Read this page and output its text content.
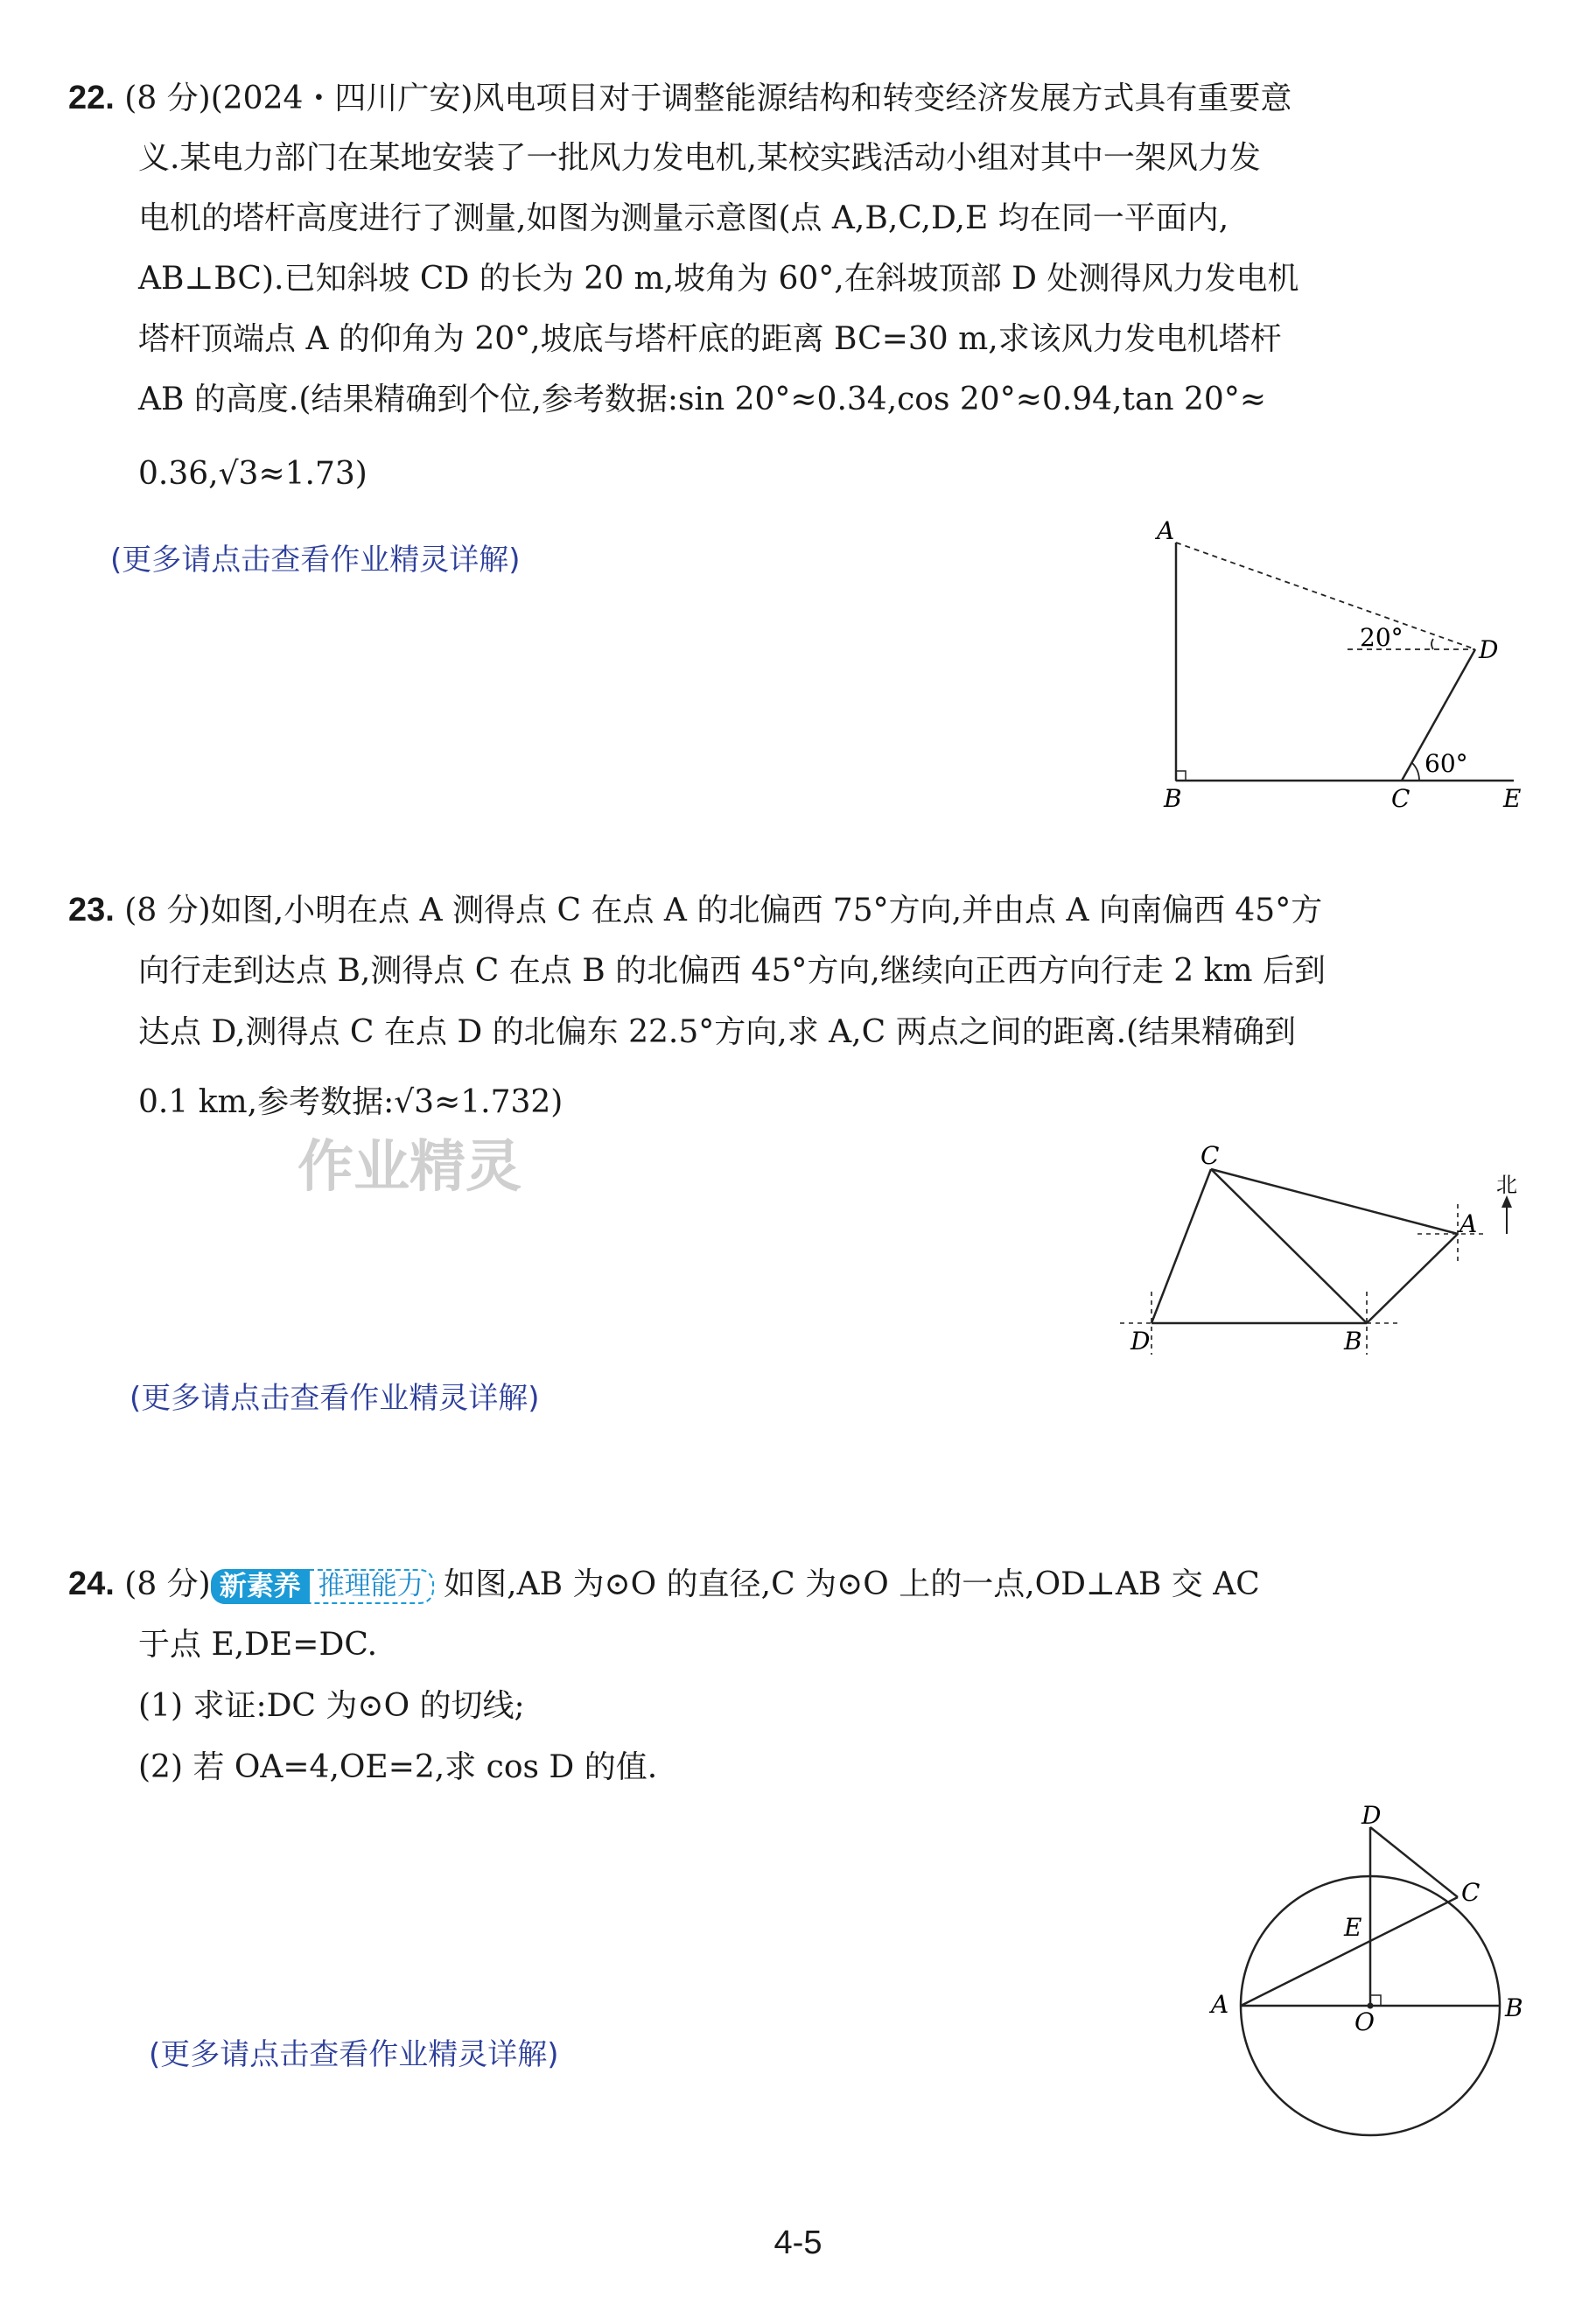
22. (8 分)(2024・四川广安)风电项目对于调整能源结构和转变经济发展方式具有重要意
义.某电力部门在某地安装了一批风力发电机,某校实践活动小组对其中一架风力发
电机的塔杆高度进行了测量,如图为测量示意图(点 A,B,C,D,E 均在同一平面内,
AB⊥BC).已知斜坡 CD 的长为 20 m,坡角为 60°,在斜坡顶部 D 处测得风力发电机
塔杆顶端点 A 的仰角为 20°,坡底与塔杆底的距离 BC=30 m,求该风力发电机塔杆
AB 的高度.(结果精确到个位,参考数据:sin 20°≈0.34,cos 20°≈0.94,tan 20°≈
0.36,√3≈1.73)
(更多请点击查看作业精灵详解)
A
B	C
D
E
20°
60°
23. (8 分)如图,小明在点 A 测得点 C 在点 A 的北偏西 75°方向,并由点 A 向南偏西 45°方
向行走到达点 B,测得点 C 在点 B 的北偏西 45°方向,继续向正西方向行走 2 km 后到
达点 D,测得点 C 在点 D 的北偏东 22.5°方向,求 A,C 两点之间的距离.(结果精确到
0.1 km,参考数据:√3≈1.732)
作业精灵
(更多请点击查看作业精灵详解)
C
A
D	B
北
24. (8 分) 新素养 推理能力 如图,AB 为⊙O 的直径,C 为⊙O 上的一点,OD⊥AB 交 AC
于点 E,DE=DC.
(1) 求证:DC 为⊙O 的切线;
(2) 若 OA=4,OE=2,求 cos D 的值.
(更多请点击查看作业精灵详解)
D
C
E
A	B
O
4-5
